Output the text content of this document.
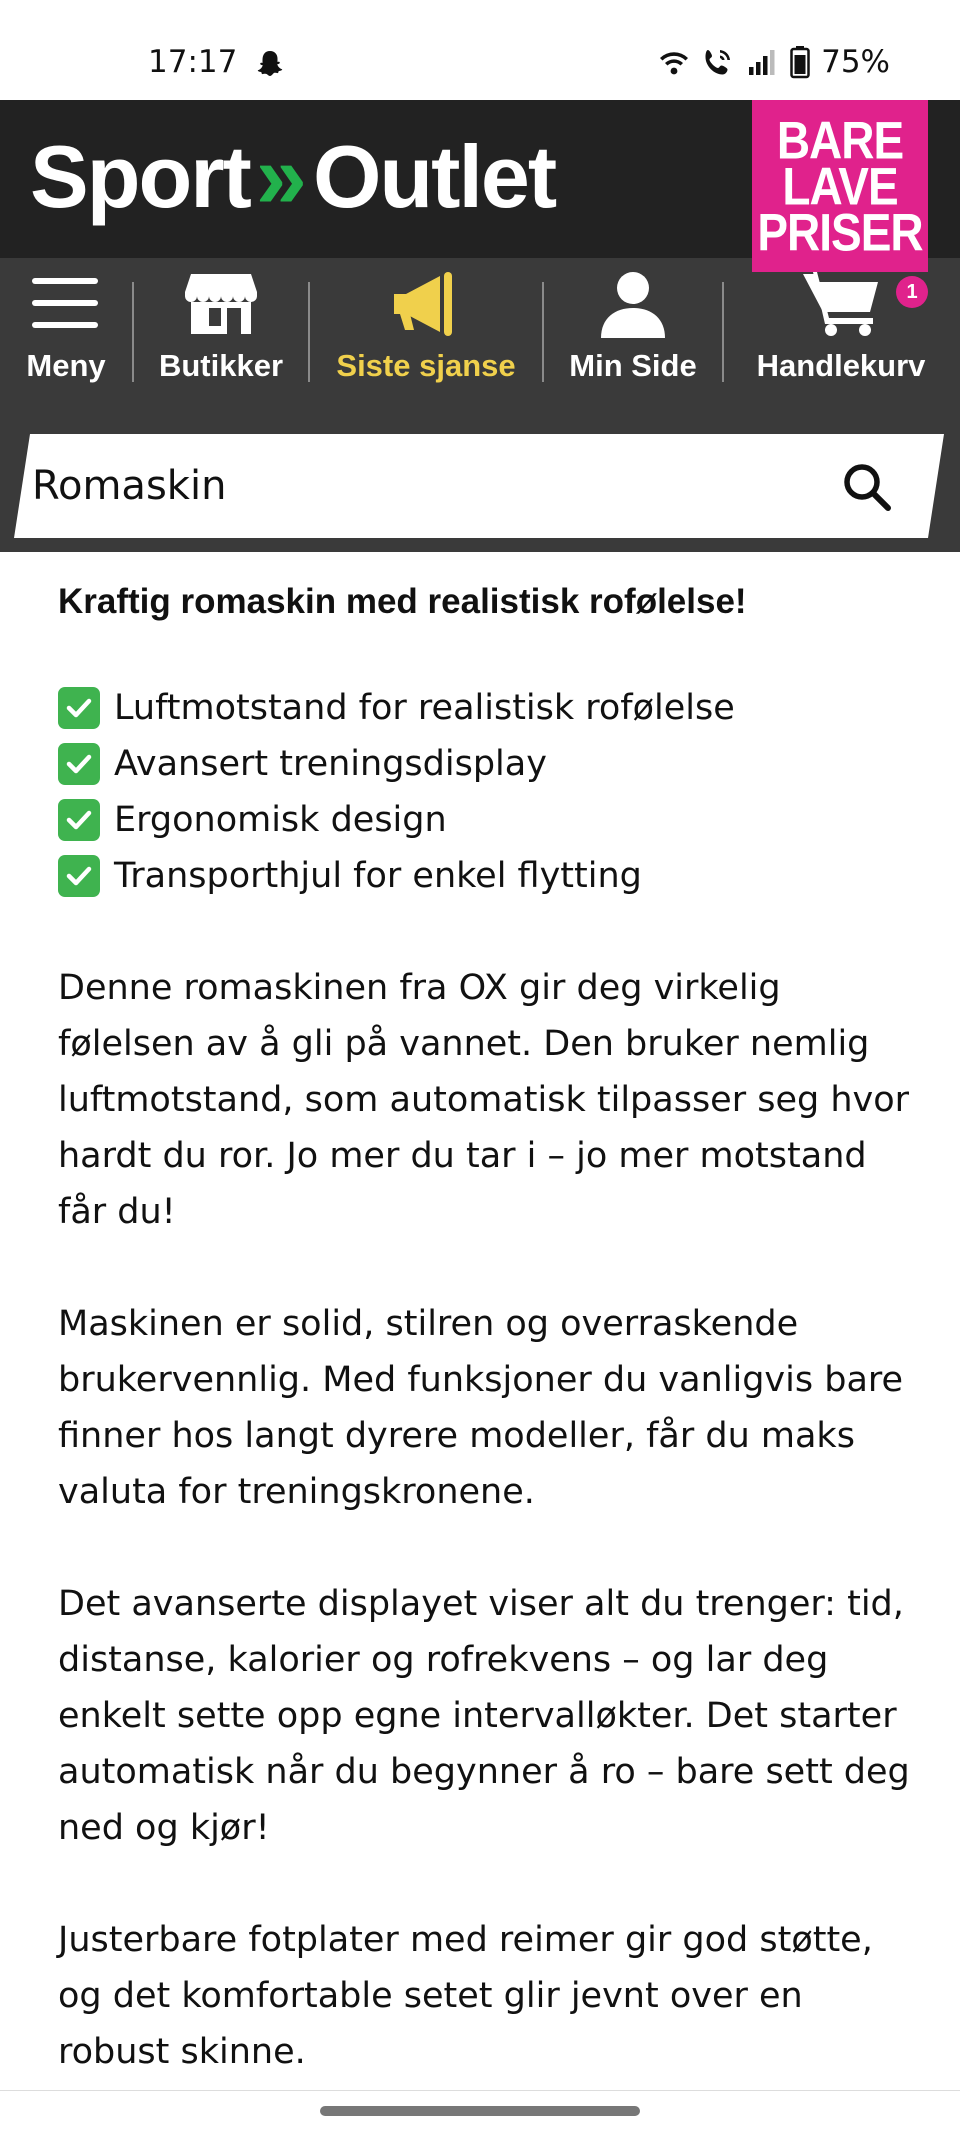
17:17	75%
Sport » Outlet	BARE
LAVE
PRISER
Meny Butikker Siste sjanse Min Side
1
Handlekurv
Romaskin

Kraftig romaskin med realistisk rofølelse!

Luftmotstand for realistisk rofølelse
Avansert treningsdisplay
Ergonomisk design
Transporthjul for enkel flytting

Denne romaskinen fra OX gir deg virkelig følelsen av å gli på vannet. Den bruker nemlig luftmotstand, som automatisk tilpasser seg hvor hardt du ror. Jo mer du tar i – jo mer motstand får du!

Maskinen er solid, stilren og overraskende brukervennlig. Med funksjoner du vanligvis bare finner hos langt dyrere modeller, får du maks valuta for treningskronene.

Det avanserte displayet viser alt du trenger: tid, distanse, kalorier og rofrekvens – og lar deg enkelt sette opp egne intervalløkter. Det starter automatisk når du begynner å ro – bare sett deg ned og kjør!

Justerbare fotplater med reimer gir god støtte, og det komfortable setet glir jevnt over en robust skinne.
